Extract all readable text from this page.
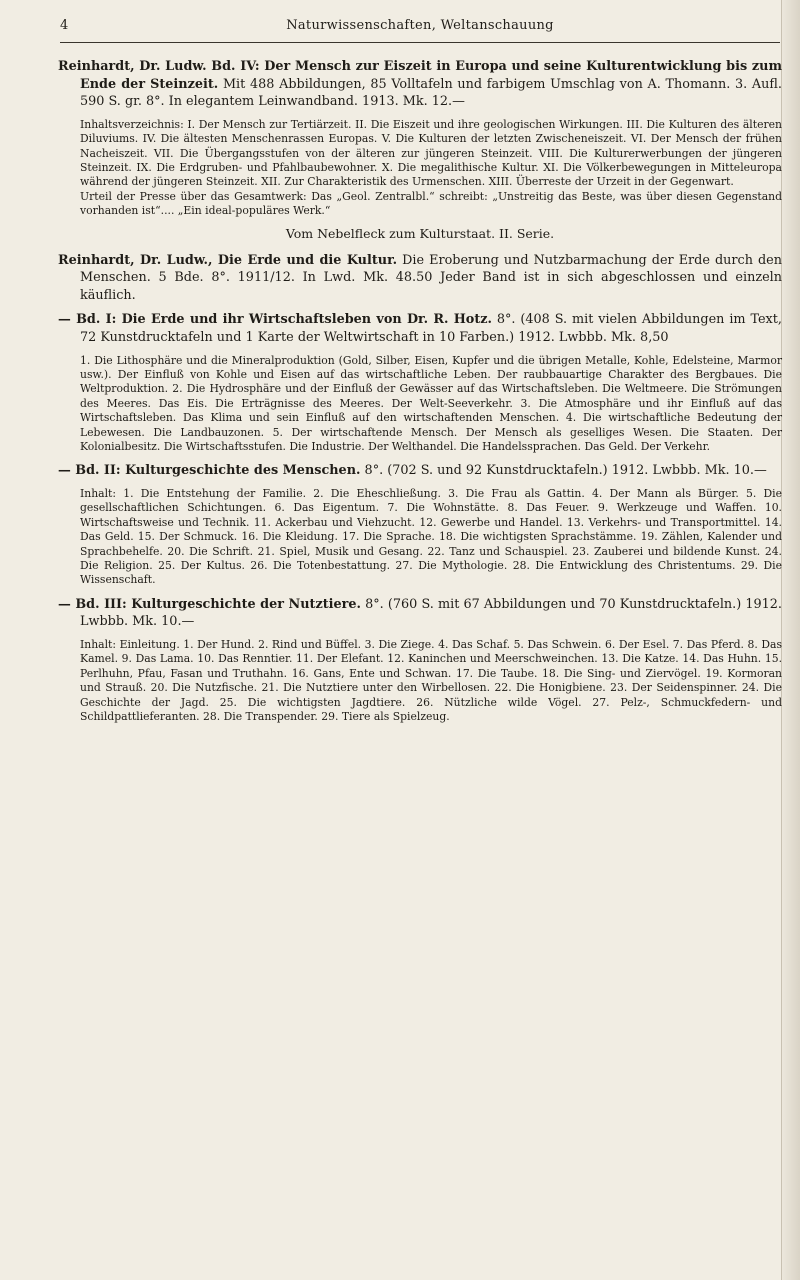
4	Naturwissenschaften, Weltanschauung

Reinhardt, Dr. Ludw. Bd. IV: Der Mensch zur Eiszeit in Europa und seine Kulturentwicklung bis zum Ende der Steinzeit. Mit 488 Abbildungen, 85 Volltafeln und farbigem Umschlag von A. Thomann. 3. Aufl. 590 S. gr. 8°. In elegantem Leinwandband. 1913. Mk. 12.—

Inhaltsverzeichnis: I. Der Mensch zur Tertiärzeit. II. Die Eiszeit und ihre geologischen Wirkungen. III. Die Kulturen des älteren Diluviums. IV. Die ältesten Menschenrassen Europas. V. Die Kulturen der letzten Zwischeneiszeit. VI. Der Mensch der frühen Nacheiszeit. VII. Die Übergangsstufen von der älteren zur jüngeren Steinzeit. VIII. Die Kulturerwerbungen der jüngeren Steinzeit. IX. Die Erdgruben- und Pfahlbaubewohner. X. Die megalithische Kultur. XI. Die Völkerbewegungen in Mitteleuropa während der jüngeren Steinzeit. XII. Zur Charakteristik des Urmenschen. XIII. Überreste der Urzeit in der Gegenwart.

Urteil der Presse über das Gesamtwerk: Das „Geol. Zentralbl.“ schreibt: „Unstreitig das Beste, was über diesen Gegenstand vorhanden ist“.... „Ein ideal-populäres Werk.“

Vom Nebelfleck zum Kulturstaat. II. Serie.

Reinhardt, Dr. Ludw., Die Erde und die Kultur. Die Eroberung und Nutzbarmachung der Erde durch den Menschen. 5 Bde. 8°. 1911/12. In Lwd. Mk. 48.50 Jeder Band ist in sich abgeschlossen und einzeln käuflich.

— Bd. I: Die Erde und ihr Wirtschaftsleben von Dr. R. Hotz. 8°. (408 S. mit vielen Abbildungen im Text, 72 Kunstdrucktafeln und 1 Karte der Weltwirtschaft in 10 Farben.) 1912. Lwbbb. Mk. 8,50

1. Die Lithosphäre und die Mineralproduktion (Gold, Silber, Eisen, Kupfer und die übrigen Metalle, Kohle, Edelsteine, Marmor usw.). Der Einfluß von Kohle und Eisen auf das wirtschaftliche Leben. Der raubbauartige Charakter des Bergbaues. Die Weltproduktion. 2. Die Hydrosphäre und der Einfluß der Gewässer auf das Wirtschaftsleben. Die Weltmeere. Die Strömungen des Meeres. Das Eis. Die Erträgnisse des Meeres. Der Welt-Seeverkehr. 3. Die Atmosphäre und ihr Einfluß auf das Wirtschaftsleben. Das Klima und sein Einfluß auf den wirtschaftenden Menschen. 4. Die wirtschaftliche Bedeutung der Lebewesen. Die Landbauzonen. 5. Der wirtschaftende Mensch. Der Mensch als geselliges Wesen. Die Staaten. Der Kolonialbesitz. Die Wirtschaftsstufen. Die Industrie. Der Welthandel. Die Handelssprachen. Das Geld. Der Verkehr.

— Bd. II: Kulturgeschichte des Menschen. 8°. (702 S. und 92 Kunstdrucktafeln.) 1912. Lwbbb. Mk. 10.—

Inhalt: 1. Die Entstehung der Familie. 2. Die Eheschließung. 3. Die Frau als Gattin. 4. Der Mann als Bürger. 5. Die gesellschaftlichen Schichtungen. 6. Das Eigentum. 7. Die Wohnstätte. 8. Das Feuer. 9. Werkzeuge und Waffen. 10. Wirtschaftsweise und Technik. 11. Ackerbau und Viehzucht. 12. Gewerbe und Handel. 13. Verkehrs- und Transportmittel. 14. Das Geld. 15. Der Schmuck. 16. Die Kleidung. 17. Die Sprache. 18. Die wichtigsten Sprachstämme. 19. Zählen, Kalender und Sprachbehelfe. 20. Die Schrift. 21. Spiel, Musik und Gesang. 22. Tanz und Schauspiel. 23. Zauberei und bildende Kunst. 24. Die Religion. 25. Der Kultus. 26. Die Totenbestattung. 27. Die Mythologie. 28. Die Entwicklung des Christentums. 29. Die Wissenschaft.

— Bd. III: Kulturgeschichte der Nutztiere. 8°. (760 S. mit 67 Abbildungen und 70 Kunstdrucktafeln.) 1912. Lwbbb. Mk. 10.—

Inhalt: Einleitung. 1. Der Hund. 2. Rind und Büffel. 3. Die Ziege. 4. Das Schaf. 5. Das Schwein. 6. Der Esel. 7. Das Pferd. 8. Das Kamel. 9. Das Lama. 10. Das Renntier. 11. Der Elefant. 12. Kaninchen und Meerschweinchen. 13. Die Katze. 14. Das Huhn. 15. Perlhuhn, Pfau, Fasan und Truthahn. 16. Gans, Ente und Schwan. 17. Die Taube. 18. Die Sing- und Ziervögel. 19. Kormoran und Strauß. 20. Die Nutzfische. 21. Die Nutztiere unter den Wirbellosen. 22. Die Honigbiene. 23. Der Seidenspinner. 24. Die Geschichte der Jagd. 25. Die wichtigsten Jagdtiere. 26. Nützliche wilde Vögel. 27. Pelz-, Schmuckfedern- und Schildpattlieferanten. 28. Die Transpender. 29. Tiere als Spielzeug.
